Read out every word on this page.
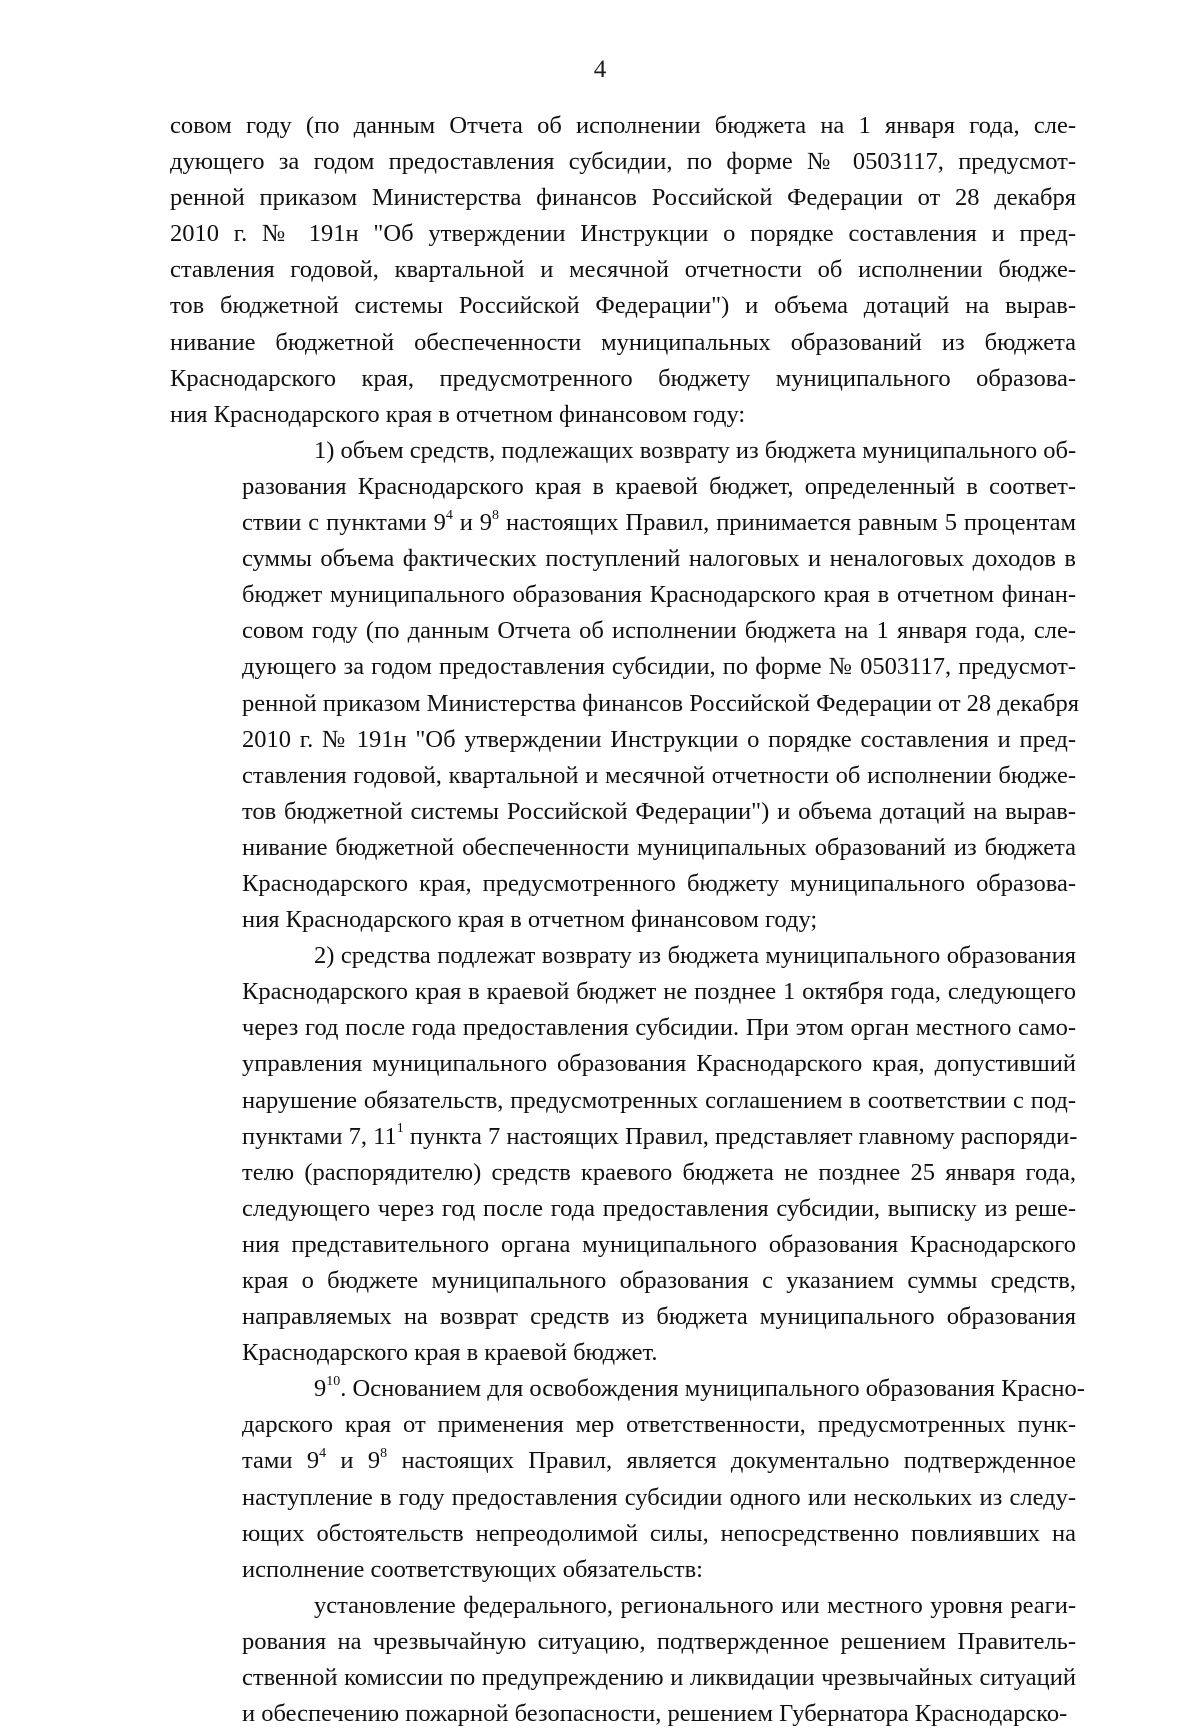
4
совом году (по данным Отчета об исполнении бюджета на 1 января года, сле-
дующего за годом предоставления субсидии, по форме № 0503117, предусмот-
ренной приказом Министерства финансов Российской Федерации от 28 декабря
2010 г. № 191н "Об утверждении Инструкции о порядке составления и пред-
ставления годовой, квартальной и месячной отчетности об исполнении бюдже-
тов бюджетной системы Российской Федерации") и объема дотаций на вырав-
нивание бюджетной обеспеченности муниципальных образований из бюджета
Краснодарского края, предусмотренного бюджету муниципального образова-
ния Краснодарского края в отчетном финансовом году:
1) объем средств, подлежащих возврату из бюджета муниципального об-
разования Краснодарского края в краевой бюджет, определенный в соответ-
ствии с пунктами $9^4$ и $9^8$ настоящих Правил, принимается равным 5 процентам
суммы объема фактических поступлений налоговых и неналоговых доходов в
бюджет муниципального образования Краснодарского края в отчетном финан-
совом году (по данным Отчета об исполнении бюджета на 1 января года, сле-
дующего за годом предоставления субсидии, по форме № 0503117, предусмот-
ренной приказом Министерства финансов Российской Федерации от 28 декабря
2010 г. № 191н "Об утверждении Инструкции о порядке составления и пред-
ставления годовой, квартальной и месячной отчетности об исполнении бюдже-
тов бюджетной системы Российской Федерации") и объема дотаций на вырав-
нивание бюджетной обеспеченности муниципальных образований из бюджета
Краснодарского края, предусмотренного бюджету муниципального образова-
ния Краснодарского края в отчетном финансовом году;
2) средства подлежат возврату из бюджета муниципального образования
Краснодарского края в краевой бюджет не позднее 1 октября года, следующего
через год после года предоставления субсидии. При этом орган местного само-
управления муниципального образования Краснодарского края, допустивший
нарушение обязательств, предусмотренных соглашением в соответствии с под-
пунктами 7, $11^1$ пункта 7 настоящих Правил, представляет главному распоряди-
телю (распорядителю) средств краевого бюджета не позднее 25 января года,
следующего через год после года предоставления субсидии, выписку из реше-
ния представительного органа муниципального образования Краснодарского
края о бюджете муниципального образования с указанием суммы средств,
направляемых на возврат средств из бюджета муниципального образования
Краснодарского края в краевой бюджет.
$9^{10}$. Основанием для освобождения муниципального образования Красно-
дарского края от применения мер ответственности, предусмотренных пунк-
тами $9^4$ и $9^8$ настоящих Правил, является документально подтвержденное
наступление в году предоставления субсидии одного или нескольких из следу-
ющих обстоятельств непреодолимой силы, непосредственно повлиявших на
исполнение соответствующих обязательств:
установление федерального, регионального или местного уровня реаги-
рования на чрезвычайную ситуацию, подтвержденное решением Правитель-
ственной комиссии по предупреждению и ликвидации чрезвычайных ситуаций
и обеспечению пожарной безопасности, решением Губернатора Краснодарско-
